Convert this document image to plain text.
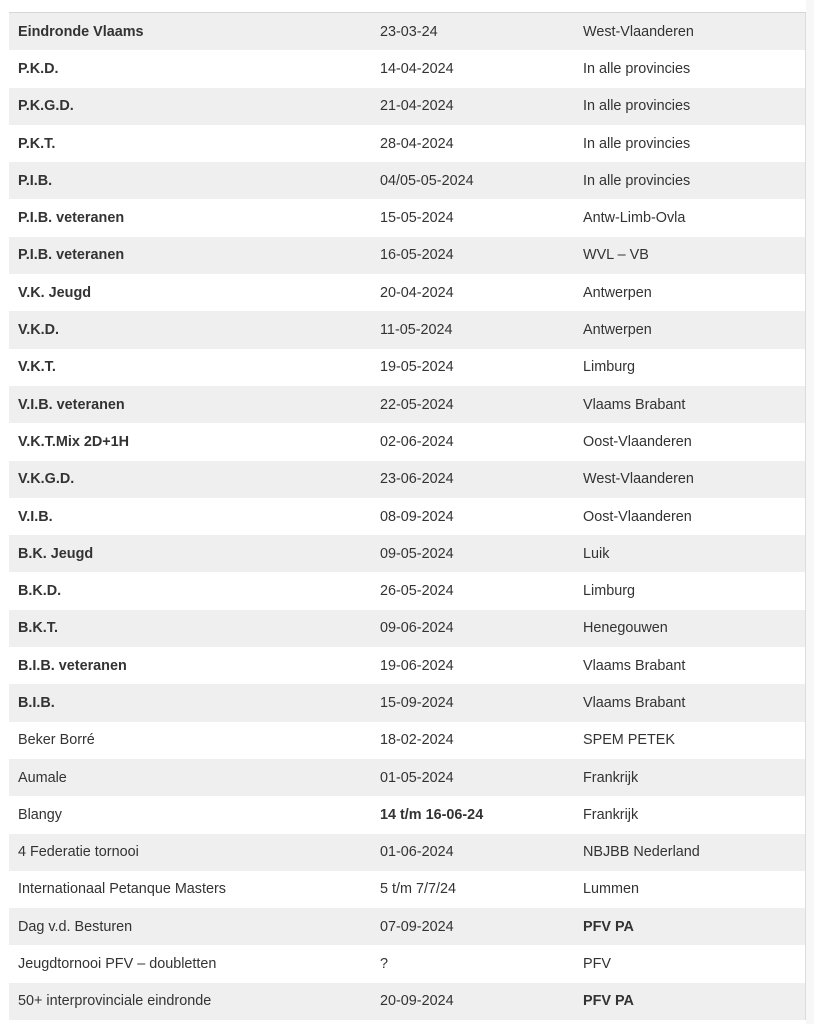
Eindronde Vlaams	23-03-24	West-Vlaanderen
P.K.D.	14-04-2024	In alle provincies
P.K.G.D.	21-04-2024	In alle provincies
P.K.T.	28-04-2024	In alle provincies
P.I.B.	04/05-05-2024	In alle provincies
P.I.B. veteranen	15-05-2024	Antw-Limb-Ovla
P.I.B. veteranen	16-05-2024	WVL – VB
V.K. Jeugd	20-04-2024	Antwerpen
V.K.D.	11-05-2024	Antwerpen
V.K.T.	19-05-2024	Limburg
V.I.B. veteranen	22-05-2024	Vlaams Brabant
V.K.T.Mix 2D+1H	02-06-2024	Oost-Vlaanderen
V.K.G.D.	23-06-2024	West-Vlaanderen
V.I.B.	08-09-2024	Oost-Vlaanderen
B.K. Jeugd	09-05-2024	Luik
B.K.D.	26-05-2024	Limburg
B.K.T.	09-06-2024	Henegouwen
B.I.B. veteranen	19-06-2024	Vlaams Brabant
B.I.B.	15-09-2024	Vlaams Brabant
Beker Borré	18-02-2024	SPEM PETEK
Aumale	01-05-2024	Frankrijk
Blangy	14 t/m 16-06-24	Frankrijk
4 Federatie tornooi	01-06-2024	NBJBB Nederland
Internationaal Petanque Masters	5 t/m 7/7/24	Lummen
Dag v.d. Besturen	07-09-2024	PFV PA
Jeugdtornooi PFV – doubletten	?	PFV
50+ interprovinciale eindronde	20-09-2024	PFV PA
